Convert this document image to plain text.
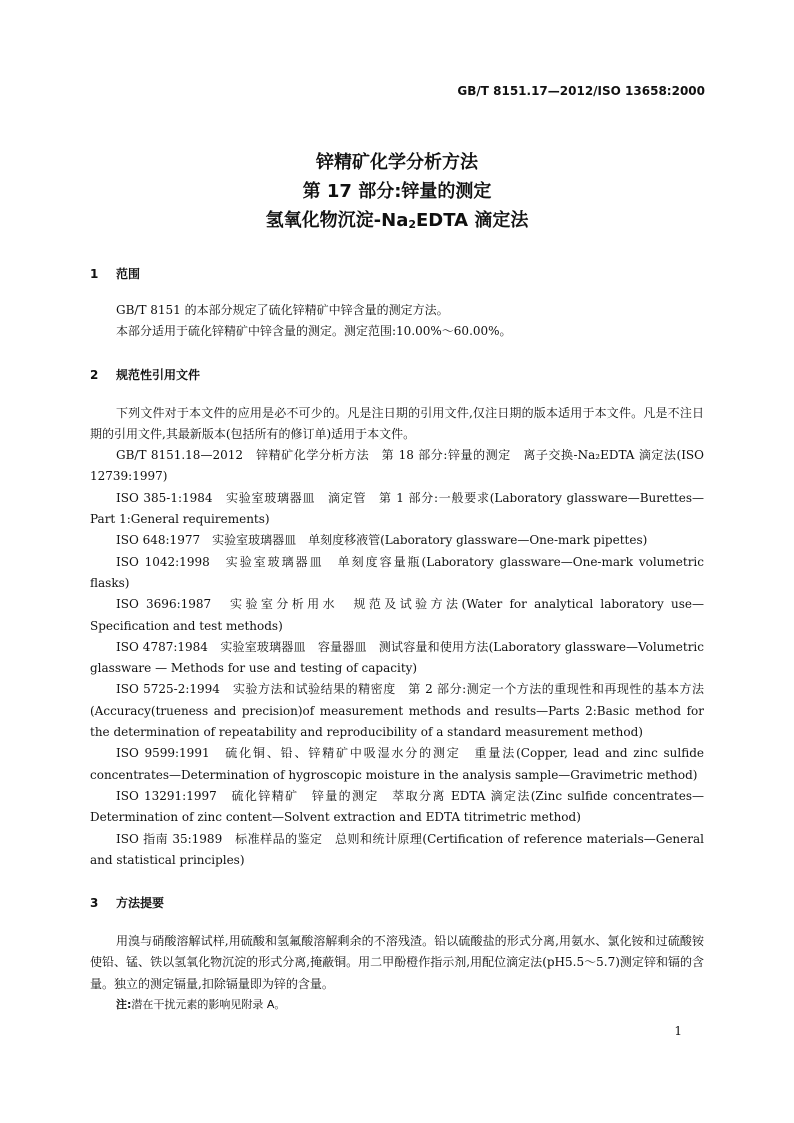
GB/T 8151.17—2012/ISO 13658:2000
锌精矿化学分析方法
第 17 部分:锌量的测定
氢氧化物沉淀$-Na_2EDTA$ 滴定法
1 范围

GB/T 8151 的本部分规定了硫化锌精矿中锌含量的测定方法。

本部分适用于硫化锌精矿中锌含量的测定。测定范围:10.00%～60.00%。

2 规范性引用文件

下列文件对于本文件的应用是必不可少的。凡是注日期的引用文件,仅注日期的版本适用于本文件。凡是不注日期的引用文件,其最新版本(包括所有的修订单)适用于本文件。

GB/T 8151.18—2012　锌精矿化学分析方法　第 18 部分:锌量的测定　离子交换-Na₂EDTA 滴定法(ISO 12739:1997)

ISO 385-1:1984　实验室玻璃器皿　滴定管　第 1 部分:一般要求(Laboratory glassware—Burettes—Part 1:General requirements)

ISO 648:1977　实验室玻璃器皿　单刻度移液管(Laboratory glassware—One-mark pipettes)

ISO 1042:1998　实验室玻璃器皿　单刻度容量瓶(Laboratory glassware—One-mark volumetric flasks)

ISO 3696:1987　实验室分析用水　规范及试验方法(Water for analytical laboratory use—Specification and test methods)

ISO 4787:1984　实验室玻璃器皿　容量器皿　测试容量和使用方法(Laboratory glassware—Volumetric glassware — Methods for use and testing of capacity)

ISO 5725-2:1994　实验方法和试验结果的精密度　第 2 部分:测定一个方法的重现性和再现性的基本方法(Accuracy(trueness and precision)of measurement methods and results—Parts 2:Basic method for the determination of repeatability and reproducibility of a standard measurement method)

ISO 9599:1991　硫化铜、铅、锌精矿中吸湿水分的测定　重量法(Copper, lead and zinc sulfide concentrates—Determination of hygroscopic moisture in the analysis sample—Gravimetric method)

ISO 13291:1997　硫化锌精矿　锌量的测定　萃取分离 EDTA 滴定法(Zinc sulfide concentrates—Determination of zinc content—Solvent extraction and EDTA titrimetric method)

ISO 指南 35:1989　标准样品的鉴定　总则和统计原理(Certification of reference materials—General and statistical principles)

3 方法提要

用溴与硝酸溶解试样,用硫酸和氢氟酸溶解剩余的不溶残渣。铅以硫酸盐的形式分离,用氨水、氯化铵和过硫酸铵使铅、锰、铁以氢氧化物沉淀的形式分离,掩蔽铜。用二甲酚橙作指示剂,用配位滴定法(pH5.5～5.7)测定锌和镉的含量。独立的测定镉量,扣除镉量即为锌的含量。

注:潜在干扰元素的影响见附录 A。

1
